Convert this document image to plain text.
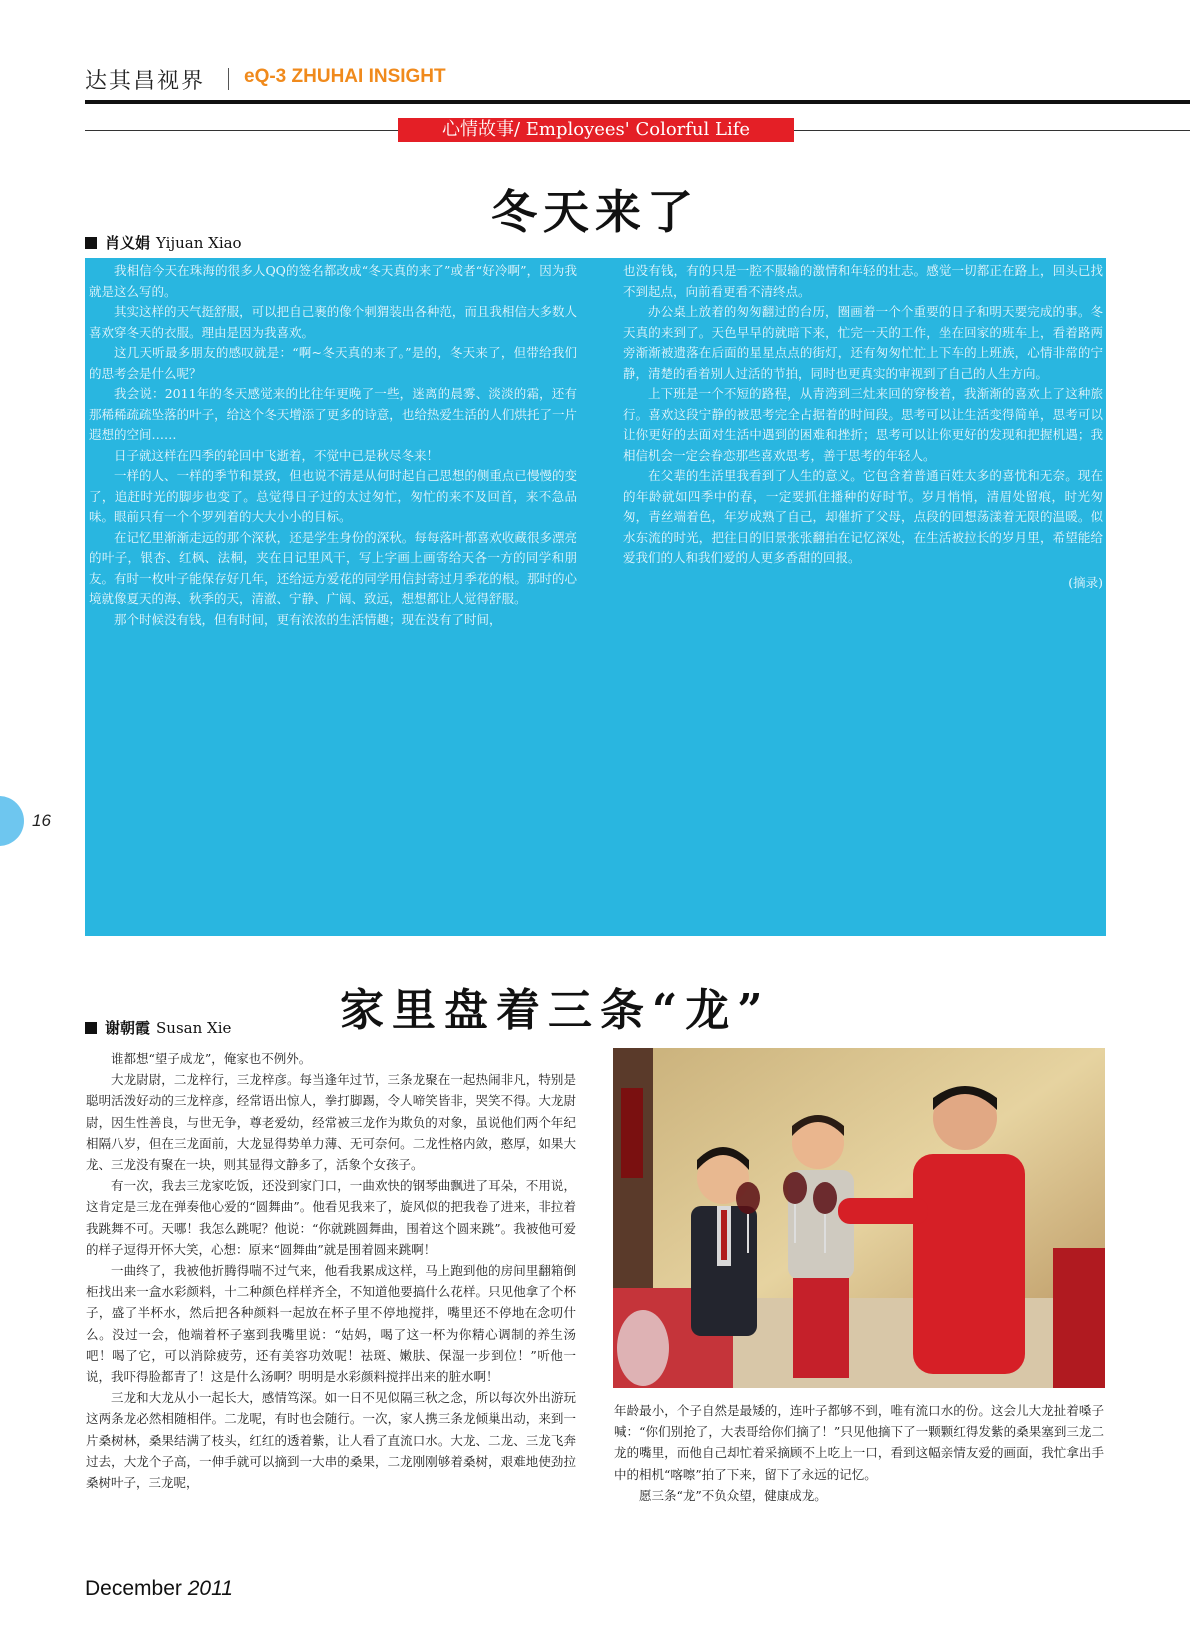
达其昌视界 eQ-3 ZHUHAI INSIGHT
心情故事/ Employees' Colorful Life
冬天来了
肖义娟 Yijuan Xiao

我相信今天在珠海的很多人QQ的签名都改成“冬天真的来了”或者“好冷啊”，因为我就是这么写的。

其实这样的天气挺舒服，可以把自己裹的像个刺猬装出各种范，而且我相信大多数人喜欢穿冬天的衣服。理由是因为我喜欢。

这几天听最多朋友的感叹就是：“啊~冬天真的来了。”是的，冬天来了，但带给我们的思考会是什么呢？

我会说：2011年的冬天感觉来的比往年更晚了一些，迷离的晨雾、淡淡的霜，还有那稀稀疏疏坠落的叶子，给这个冬天增添了更多的诗意，也给热爱生活的人们烘托了一片遐想的空间……

日子就这样在四季的轮回中飞逝着，不觉中已是秋尽冬来！

一样的人、一样的季节和景致，但也说不清是从何时起自己思想的侧重点已慢慢的变了，追赶时光的脚步也变了。总觉得日子过的太过匆忙，匆忙的来不及回首，来不急品味。眼前只有一个个罗列着的大大小小的目标。

在记忆里渐渐走远的那个深秋，还是学生身份的深秋。每每落叶都喜欢收藏很多漂亮的叶子，银杏、红枫、法桐，夹在日记里风干，写上字画上画寄给天各一方的同学和朋友。有时一枚叶子能保存好几年，还给远方爱花的同学用信封寄过月季花的根。那时的心境就像夏天的海、秋季的天，清澈、宁静、广阔、致远，想想都让人觉得舒服。

那个时候没有钱，但有时间，更有浓浓的生活情趣；现在没有了时间，

也没有钱，有的只是一腔不服输的激情和年轻的壮志。感觉一切都正在路上，回头已找不到起点，向前看更看不清终点。

办公桌上放着的匆匆翻过的台历，圈画着一个个重要的日子和明天要完成的事。冬天真的来到了。天色早早的就暗下来，忙完一天的工作，坐在回家的班车上，看着路两旁渐渐被遗落在后面的星星点点的街灯，还有匆匆忙忙上下车的上班族，心情非常的宁静，清楚的看着别人过活的节拍，同时也更真实的审视到了自己的人生方向。

上下班是一个不短的路程，从青湾到三灶来回的穿梭着，我渐渐的喜欢上了这种旅行。喜欢这段宁静的被思考完全占据着的时间段。思考可以让生活变得简单，思考可以让你更好的去面对生活中遇到的困难和挫折；思考可以让你更好的发现和把握机遇；我相信机会一定会眷恋那些喜欢思考，善于思考的年轻人。

在父辈的生活里我看到了人生的意义。它包含着普通百姓太多的喜忧和无奈。现在的年龄就如四季中的春，一定要抓住播种的好时节。岁月悄悄，清眉处留痕，时光匆匆，青丝端着色，年岁成熟了自己，却催折了父母，点段的回想荡漾着无限的温暖。似水东流的时光，把往日的旧景张张翻拍在记忆深处，在生活被拉长的岁月里，希望能给爱我们的人和我们爱的人更多香甜的回报。

(摘录)

16
谢朝霞 Susan Xie 家里盘着三条“龙”

谁都想“望子成龙”，俺家也不例外。

大龙尉尉，二龙梓行，三龙梓彦。每当逢年过节，三条龙聚在一起热闹非凡，特别是聪明活泼好动的三龙梓彦，经常语出惊人，拳打脚踢，令人啼笑皆非，哭笑不得。大龙尉尉，因生性善良，与世无争，尊老爱幼，经常被三龙作为欺负的对象，虽说他们两个年纪相隔八岁，但在三龙面前，大龙显得势单力薄、无可奈何。二龙性格内敛，憨厚，如果大龙、三龙没有聚在一块，则其显得文静多了，活象个女孩子。

有一次，我去三龙家吃饭，还没到家门口，一曲欢快的钢琴曲飘进了耳朵，不用说，这肯定是三龙在弹奏他心爱的“圆舞曲”。他看见我来了，旋风似的把我卷了进来，非拉着我跳舞不可。天哪！我怎么跳呢？他说：“你就跳圆舞曲，围着这个圆来跳”。我被他可爱的样子逗得开怀大笑，心想：原来“圆舞曲”就是围着圆来跳啊！

一曲终了，我被他折腾得喘不过气来，他看我累成这样，马上跑到他的房间里翻箱倒柜找出来一盒水彩颜料，十二种颜色样样齐全，不知道他要搞什么花样。只见他拿了个杯子，盛了半杯水，然后把各种颜料一起放在杯子里不停地搅拌，嘴里还不停地在念叨什么。没过一会，他端着杯子塞到我嘴里说：“姑妈，喝了这一杯为你精心调制的养生汤吧！喝了它，可以消除疲劳，还有美容功效呢！祛斑、嫩肤、保湿一步到位！”听他一说，我吓得脸都青了！这是什么汤啊？明明是水彩颜料搅拌出来的脏水啊！

三龙和大龙从小一起长大，感情笃深。如一日不见似隔三秋之念，所以每次外出游玩这两条龙必然相随相伴。二龙呢，有时也会随行。一次，家人携三条龙倾巢出动，来到一片桑树林，桑果结满了枝头，红红的透着紫，让人看了直流口水。大龙、二龙、三龙飞奔过去，大龙个子高，一伸手就可以摘到一大串的桑果，二龙刚刚够着桑树，艰难地使劲拉桑树叶子，三龙呢，

年龄最小，个子自然是最矮的，连叶子都够不到，唯有流口水的份。这会儿大龙扯着嗓子喊：“你们别抢了，大表哥给你们摘了！”只见他摘下了一颗颗红得发紫的桑果塞到三龙二龙的嘴里，而他自己却忙着采摘顾不上吃上一口，看到这幅亲情友爱的画面，我忙拿出手中的相机“喀嚓”拍了下来，留下了永远的记忆。

愿三条“龙”不负众望，健康成龙。

December 2011
